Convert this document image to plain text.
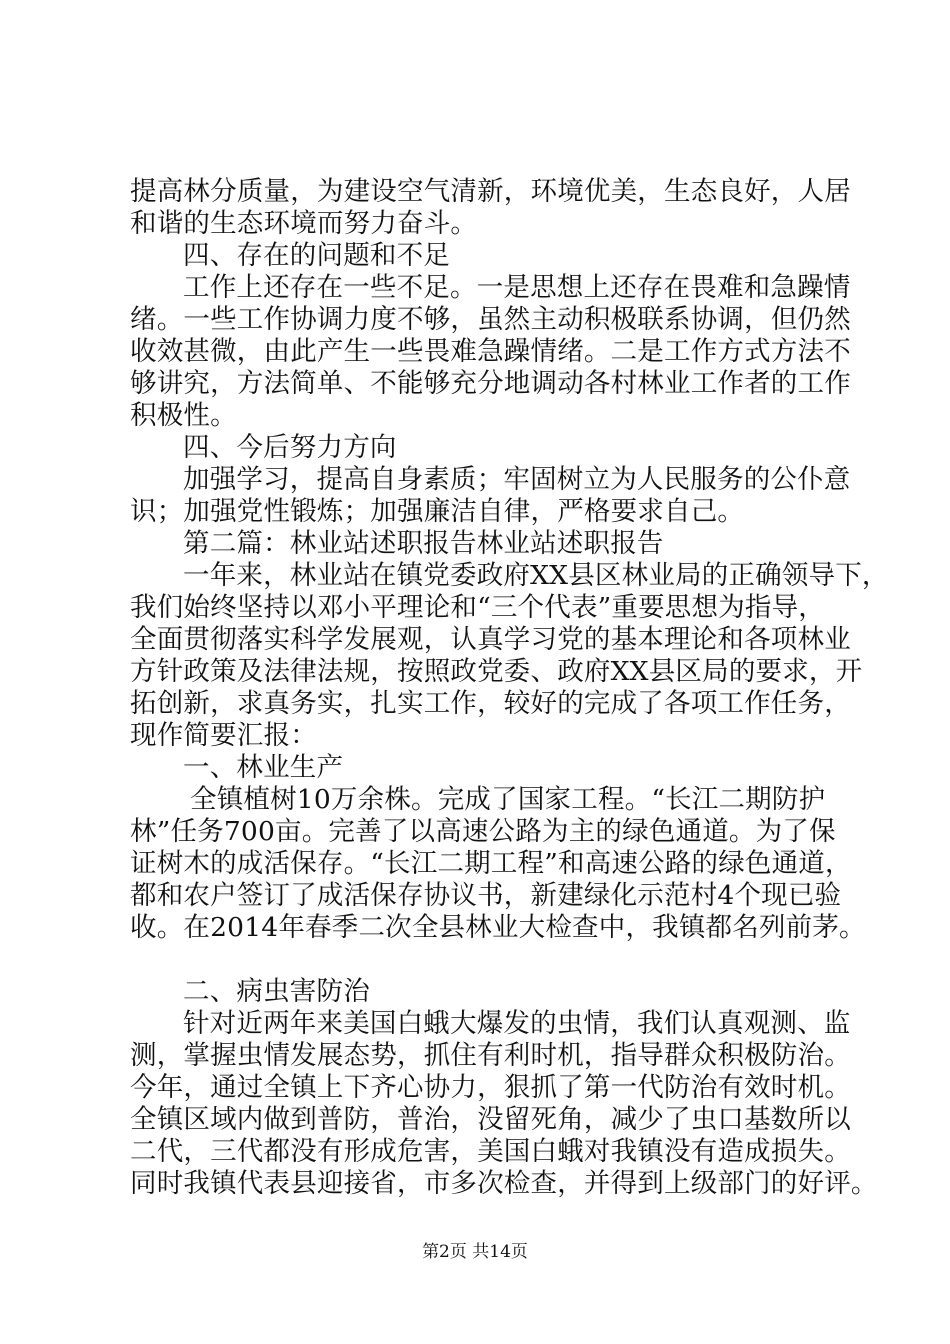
提高林分质量，为建设空气清新，环境优美，生态良好，人居
和谐的生态环境而努力奋斗。
四、存在的问题和不足
工作上还存在一些不足。一是思想上还存在畏难和急躁情
绪。一些工作协调力度不够，虽然主动积极联系协调，但仍然
收效甚微，由此产生一些畏难急躁情绪。二是工作方式方法不
够讲究，方法简单、不能够充分地调动各村林业工作者的工作
积极性。
四、今后努力方向
加强学习，提高自身素质；牢固树立为人民服务的公仆意
识；加强党性锻炼；加强廉洁自律，严格要求自己。
第二篇：林业站述职报告林业站述职报告
一年来，林业站在镇党委政府XX县区林业局的正确领导下，
我们始终坚持以邓小平理论和“三个代表”重要思想为指导，
全面贯彻落实科学发展观，认真学习党的基本理论和各项林业
方针政策及法律法规，按照政党委、政府XX县区局的要求，开
拓创新，求真务实，扎实工作，较好的完成了各项工作任务，
现作简要汇报：
一、林业生产
全镇植树10万余株。完成了国家工程。“长江二期防护
林”任务700亩。完善了以高速公路为主的绿色通道。为了保
证树木的成活保存。“长江二期工程”和高速公路的绿色通道，
都和农户签订了成活保存协议书，新建绿化示范村4个现已验
收。在2014年春季二次全县林业大检查中，我镇都名列前茅。
二、病虫害防治
针对近两年来美国白蛾大爆发的虫情，我们认真观测、监
测，掌握虫情发展态势，抓住有利时机，指导群众积极防治。
今年，通过全镇上下齐心协力，狠抓了第一代防治有效时机。
全镇区域内做到普防，普治，没留死角，减少了虫口基数所以
二代，三代都没有形成危害，美国白蛾对我镇没有造成损失。
同时我镇代表县迎接省，市多次检查，并得到上级部门的好评。
第2页 共14页
